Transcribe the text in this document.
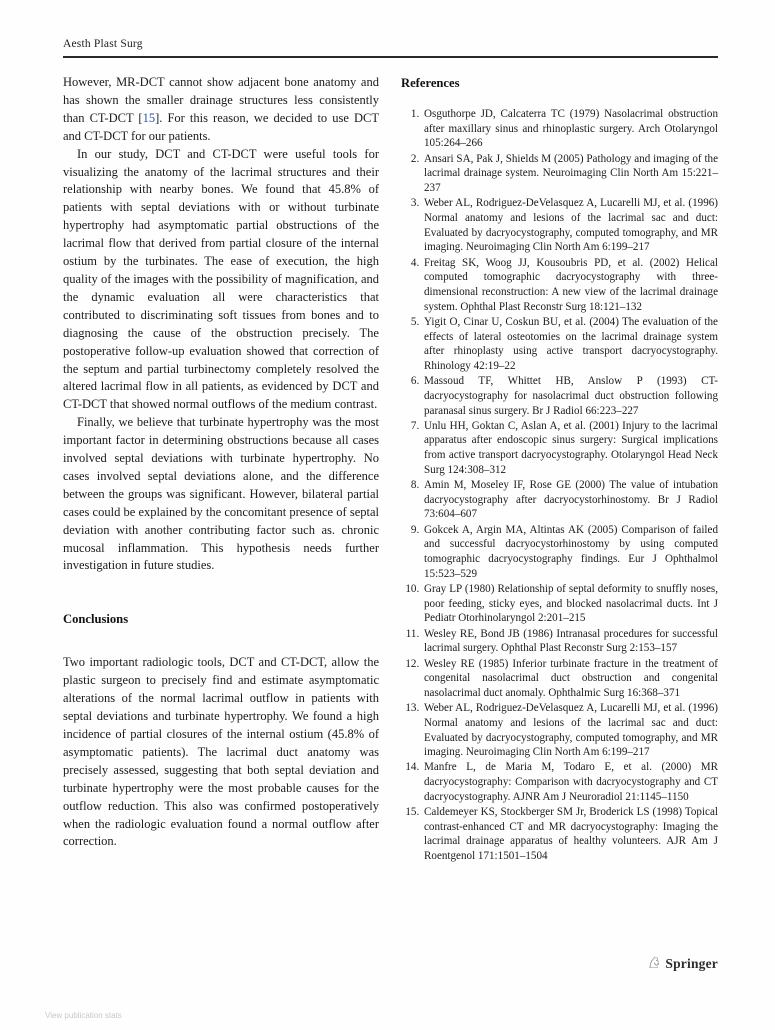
Aesth Plast Surg

However, MR-DCT cannot show adjacent bone anatomy and has shown the smaller drainage structures less consistently than CT-DCT [15]. For this reason, we decided to use DCT and CT-DCT for our patients.

In our study, DCT and CT-DCT were useful tools for visualizing the anatomy of the lacrimal structures and their relationship with nearby bones. We found that 45.8% of patients with septal deviations with or without turbinate hypertrophy had asymptomatic partial obstructions of the lacrimal flow that derived from partial closure of the internal ostium by the turbinates. The ease of execution, the high quality of the images with the possibility of magnification, and the dynamic evaluation all were characteristics that contributed to discriminating soft tissues from bones and to diagnosing the cause of the obstruction precisely. The postoperative follow-up evaluation showed that correction of the septum and partial turbinectomy completely resolved the altered lacrimal flow in all patients, as evidenced by DCT and CT-DCT that showed normal outflows of the medium contrast.

Finally, we believe that turbinate hypertrophy was the most important factor in determining obstructions because all cases involved septal deviations with turbinate hypertrophy. No cases involved septal deviations alone, and the difference between the groups was significant. However, bilateral partial cases could be explained by the concomitant presence of septal deviation with another contributing factor such as. chronic mucosal inflammation. This hypothesis needs further investigation in future studies.

Conclusions

Two important radiologic tools, DCT and CT-DCT, allow the plastic surgeon to precisely find and estimate asymptomatic alterations of the normal lacrimal outflow in patients with septal deviations and turbinate hypertrophy. We found a high incidence of partial closures of the internal ostium (45.8% of asymptomatic patients). The lacrimal duct anatomy was precisely assessed, suggesting that both septal deviation and turbinate hypertrophy were the most probable causes for the outflow reduction. This also was confirmed postoperatively when the radiologic evaluation found a normal outflow after correction.

References
1. Osguthorpe JD, Calcaterra TC (1979) Nasolacrimal obstruction after maxillary sinus and rhinoplastic surgery. Arch Otolaryngol 105:264–266
2. Ansari SA, Pak J, Shields M (2005) Pathology and imaging of the lacrimal drainage system. Neuroimaging Clin North Am 15:221–237
3. Weber AL, Rodriguez-DeVelasquez A, Lucarelli MJ, et al. (1996) Normal anatomy and lesions of the lacrimal sac and duct: Evaluated by dacryocystography, computed tomography, and MR imaging. Neuroimaging Clin North Am 6:199–217
4. Freitag SK, Woog JJ, Kousoubris PD, et al. (2002) Helical computed tomographic dacryocystography with three-dimensional reconstruction: A new view of the lacrimal drainage system. Ophthal Plast Reconstr Surg 18:121–132
5. Yigit O, Cinar U, Coskun BU, et al. (2004) The evaluation of the effects of lateral osteotomies on the lacrimal drainage system after rhinoplasty using active transport dacryocystography. Rhinology 42:19–22
6. Massoud TF, Whittet HB, Anslow P (1993) CT-dacryocystography for nasolacrimal duct obstruction following paranasal sinus surgery. Br J Radiol 66:223–227
7. Unlu HH, Goktan C, Aslan A, et al. (2001) Injury to the lacrimal apparatus after endoscopic sinus surgery: Surgical implications from active transport dacryocystography. Otolaryngol Head Neck Surg 124:308–312
8. Amin M, Moseley IF, Rose GE (2000) The value of intubation dacryocystography after dacryocystorhinostomy. Br J Radiol 73:604–607
9. Gokcek A, Argin MA, Altintas AK (2005) Comparison of failed and successful dacryocystorhinostomy by using computed tomographic dacryocystography findings. Eur J Ophthalmol 15:523–529
10. Gray LP (1980) Relationship of septal deformity to snuffly noses, poor feeding, sticky eyes, and blocked nasolacrimal ducts. Int J Pediatr Otorhinolaryngol 2:201–215
11. Wesley RE, Bond JB (1986) Intranasal procedures for successful lacrimal surgery. Ophthal Plast Reconstr Surg 2:153–157
12. Wesley RE (1985) Inferior turbinate fracture in the treatment of congenital nasolacrimal duct obstruction and congenital nasolacrimal duct anomaly. Ophthalmic Surg 16:368–371
13. Weber AL, Rodriguez-DeVelasquez A, Lucarelli MJ, et al. (1996) Normal anatomy and lesions of the lacrimal sac and duct: Evaluated by dacryocystography, computed tomography, and MR imaging. Neuroimaging Clin North Am 6:199–217
14. Manfre L, de Maria M, Todaro E, et al. (2000) MR dacryocystography: Comparison with dacryocystography and CT dacryocystography. AJNR Am J Neuroradiol 21:1145–1150
15. Caldemeyer KS, Stockberger SM Jr, Broderick LS (1998) Topical contrast-enhanced CT and MR dacryocystography: Imaging the lacrimal drainage apparatus of healthy volunteers. AJR Am J Roentgenol 171:1501–1504
♘ Springer
View publication stats
